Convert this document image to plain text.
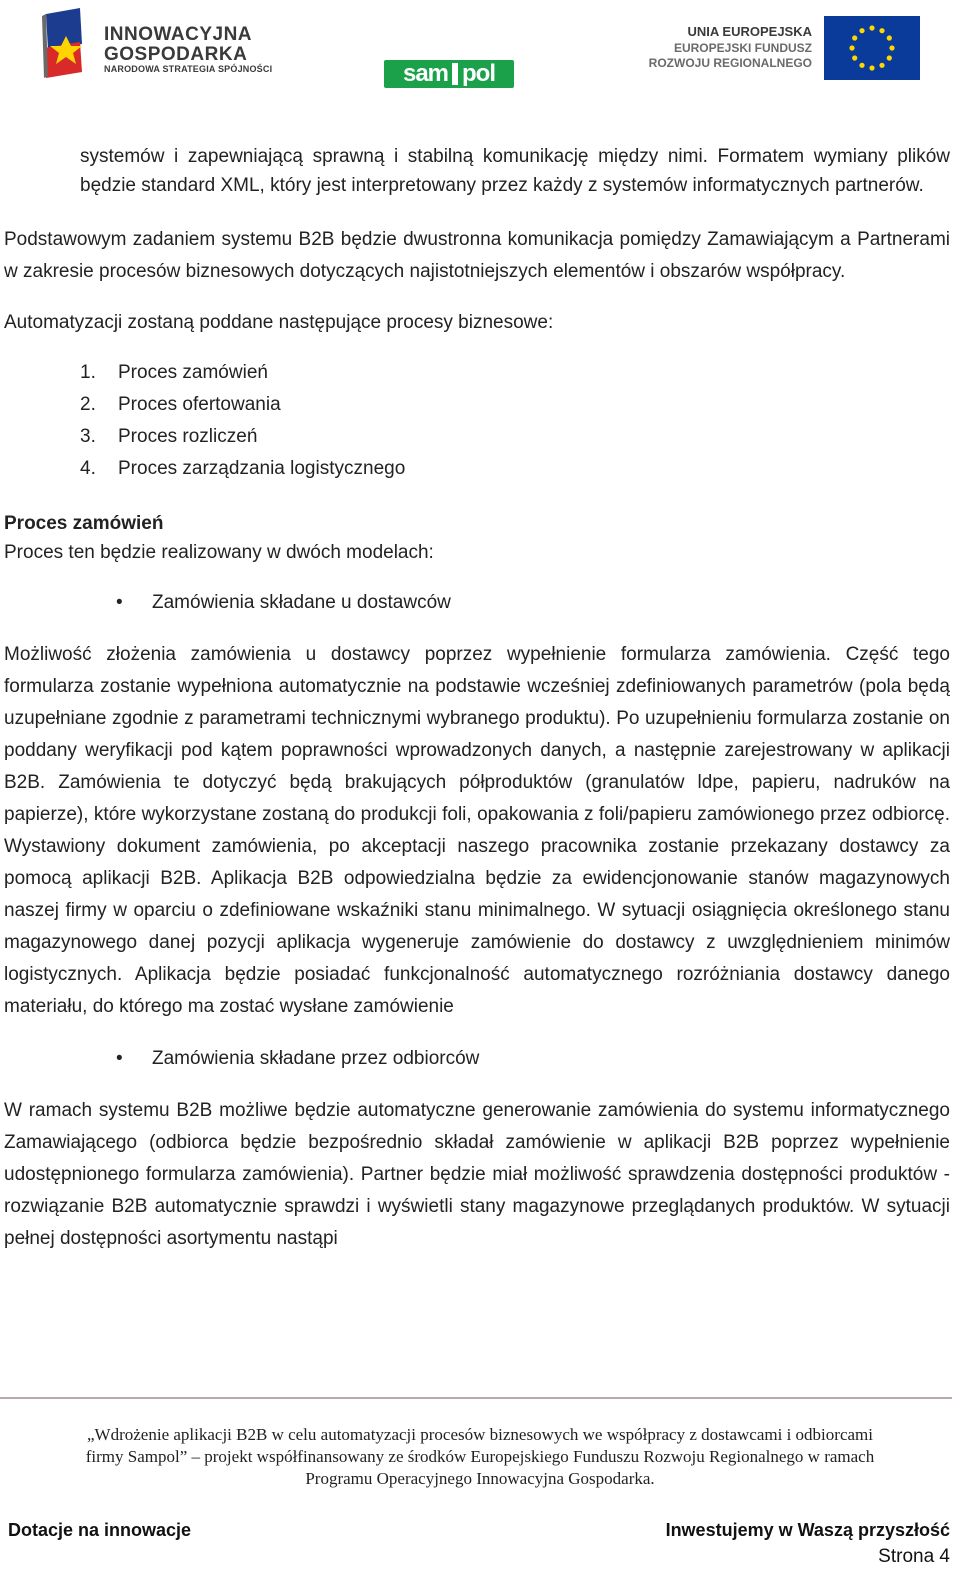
INNOWACYJNA
GOSPODARKA
NARODOWA STRATEGIA SPÓJNOŚCI	sam pol
UNIA EUROPEJSKA
EUROPEJSKI FUNDUSZ
ROZWOJU REGIONALNEGO

systemów i zapewniającą sprawną i stabilną komunikację między nimi. Formatem wymiany plików będzie standard XML, który jest interpretowany przez każdy z systemów informatycznych partnerów.

Podstawowym zadaniem systemu B2B będzie dwustronna komunikacja pomiędzy Zamawiającym a Partnerami w zakresie procesów biznesowych dotyczących najistotniejszych elementów i obszarów współpracy.

Automatyzacji zostaną poddane następujące procesy biznesowe:

1. Proces zamówień
2. Proces ofertowania
3. Proces rozliczeń
4. Proces zarządzania logistycznego

Proces zamówień

Proces ten będzie realizowany w dwóch modelach:

• Zamówienia składane u dostawców

Możliwość złożenia zamówienia u dostawcy poprzez wypełnienie formularza zamówienia. Część tego formularza zostanie wypełniona automatycznie na podstawie wcześniej zdefiniowanych parametrów (pola będą uzupełniane zgodnie z parametrami technicznymi wybranego produktu). Po uzupełnieniu formularza zostanie on poddany weryfikacji pod kątem poprawności wprowadzonych danych, a następnie zarejestrowany w aplikacji B2B. Zamówienia te dotyczyć będą brakujących półproduktów (granulatów ldpe, papieru, nadruków na papierze), które wykorzystane zostaną do produkcji foli, opakowania z foli/papieru zamówionego przez odbiorcę. Wystawiony dokument zamówienia, po akceptacji naszego pracownika zostanie przekazany dostawcy za pomocą aplikacji B2B. Aplikacja B2B odpowiedzialna będzie za ewidencjonowanie stanów magazynowych naszej firmy w oparciu o zdefiniowane wskaźniki stanu minimalnego. W sytuacji osiągnięcia określonego stanu magazynowego danej pozycji aplikacja wygeneruje zamówienie do dostawcy z uwzględnieniem minimów logistycznych. Aplikacja będzie posiadać funkcjonalność automatycznego rozróżniania dostawcy danego materiału, do którego ma zostać wysłane zamówienie

• Zamówienia składane przez odbiorców

W ramach systemu B2B możliwe będzie automatyczne generowanie zamówienia do systemu informatycznego Zamawiającego (odbiorca będzie bezpośrednio składał zamówienie w aplikacji B2B poprzez wypełnienie udostępnionego formularza zamówienia). Partner będzie miał możliwość sprawdzenia dostępności produktów - rozwiązanie B2B automatycznie sprawdzi i wyświetli stany magazynowe przeglądanych produktów. W sytuacji pełnej dostępności asortymentu nastąpi

„Wdrożenie aplikacji B2B w celu automatyzacji procesów biznesowych we współpracy z dostawcami i odbiorcami
firmy Sampol” – projekt współfinansowany ze środków Europejskiego Funduszu Rozwoju Regionalnego w ramach
Programu Operacyjnego Innowacyjna Gospodarka.
Dotacje na innowacje	Inwestujemy w Waszą przyszłość
Strona 4
